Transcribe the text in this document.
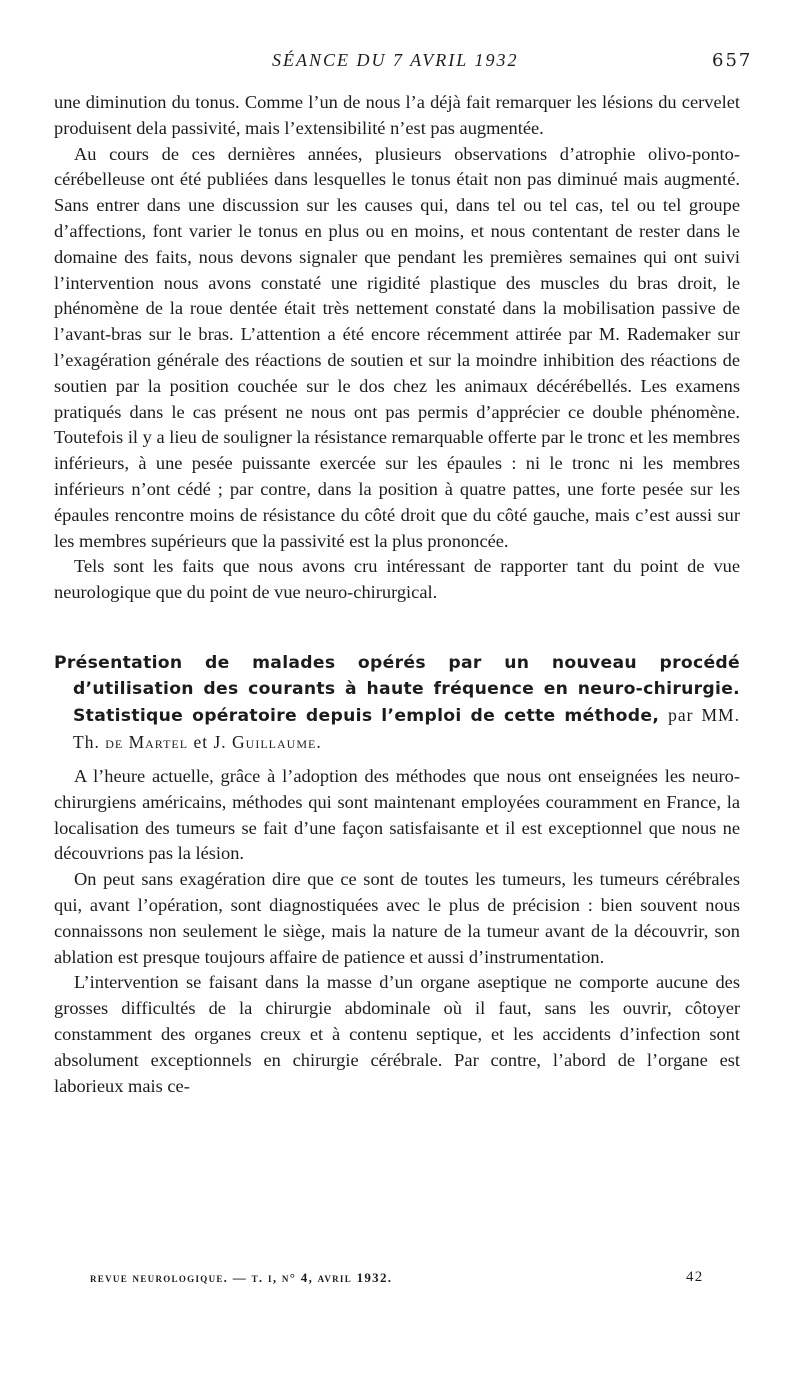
SÉANCE DU 7 AVRIL 1932	657

une diminution du tonus. Comme l’un de nous l’a déjà fait remarquer les lésions du cervelet produisent dela passivité, mais l’extensibilité n’est pas augmentée.

Au cours de ces dernières années, plusieurs observations d’atrophie olivo-ponto-cérébelleuse ont été publiées dans lesquelles le tonus était non pas diminué mais augmenté. Sans entrer dans une discussion sur les causes qui, dans tel ou tel cas, tel ou tel groupe d’affections, font varier le tonus en plus ou en moins, et nous contentant de rester dans le domaine des faits, nous devons signaler que pendant les premières semaines qui ont suivi l’intervention nous avons constaté une rigidité plastique des muscles du bras droit, le phénomène de la roue dentée était très nettement constaté dans la mobilisation passive de l’avant-bras sur le bras. L’attention a été encore récemment attirée par M. Rademaker sur l’exagération générale des réactions de soutien et sur la moindre inhibition des réactions de soutien par la position couchée sur le dos chez les animaux décérébellés. Les examens pratiqués dans le cas présent ne nous ont pas permis d’apprécier ce double phénomène. Toutefois il y a lieu de souligner la résistance remarquable offerte par le tronc et les membres inférieurs, à une pesée puissante exercée sur les épaules : ni le tronc ni les membres inférieurs n’ont cédé ; par contre, dans la position à quatre pattes, une forte pesée sur les épaules rencontre moins de résistance du côté droit que du côté gauche, mais c’est aussi sur les membres supérieurs que la passivité est la plus prononcée.

Tels sont les faits que nous avons cru intéressant de rapporter tant du point de vue neurologique que du point de vue neuro-chirurgical.

Présentation de malades opérés par un nouveau procédé d’utilisation des courants à haute fréquence en neuro-chirurgie. Statistique opératoire depuis l’emploi de cette méthode, par MM. Th. de Martel et J. Guillaume.

A l’heure actuelle, grâce à l’adoption des méthodes que nous ont enseignées les neuro-chirurgiens américains, méthodes qui sont maintenant employées couramment en France, la localisation des tumeurs se fait d’une façon satisfaisante et il est exceptionnel que nous ne découvrions pas la lésion.

On peut sans exagération dire que ce sont de toutes les tumeurs, les tumeurs cérébrales qui, avant l’opération, sont diagnostiquées avec le plus de précision : bien souvent nous connaissons non seulement le siège, mais la nature de la tumeur avant de la découvrir, son ablation est presque toujours affaire de patience et aussi d’instrumentation.

L’intervention se faisant dans la masse d’un organe aseptique ne comporte aucune des grosses difficultés de la chirurgie abdominale où il faut, sans les ouvrir, côtoyer constamment des organes creux et à contenu septique, et les accidents d’infection sont absolument exceptionnels en chirurgie cérébrale. Par contre, l’abord de l’organe est laborieux mais ce-

revue neurologique. — t. i, n° 4, avril 1932.	42
